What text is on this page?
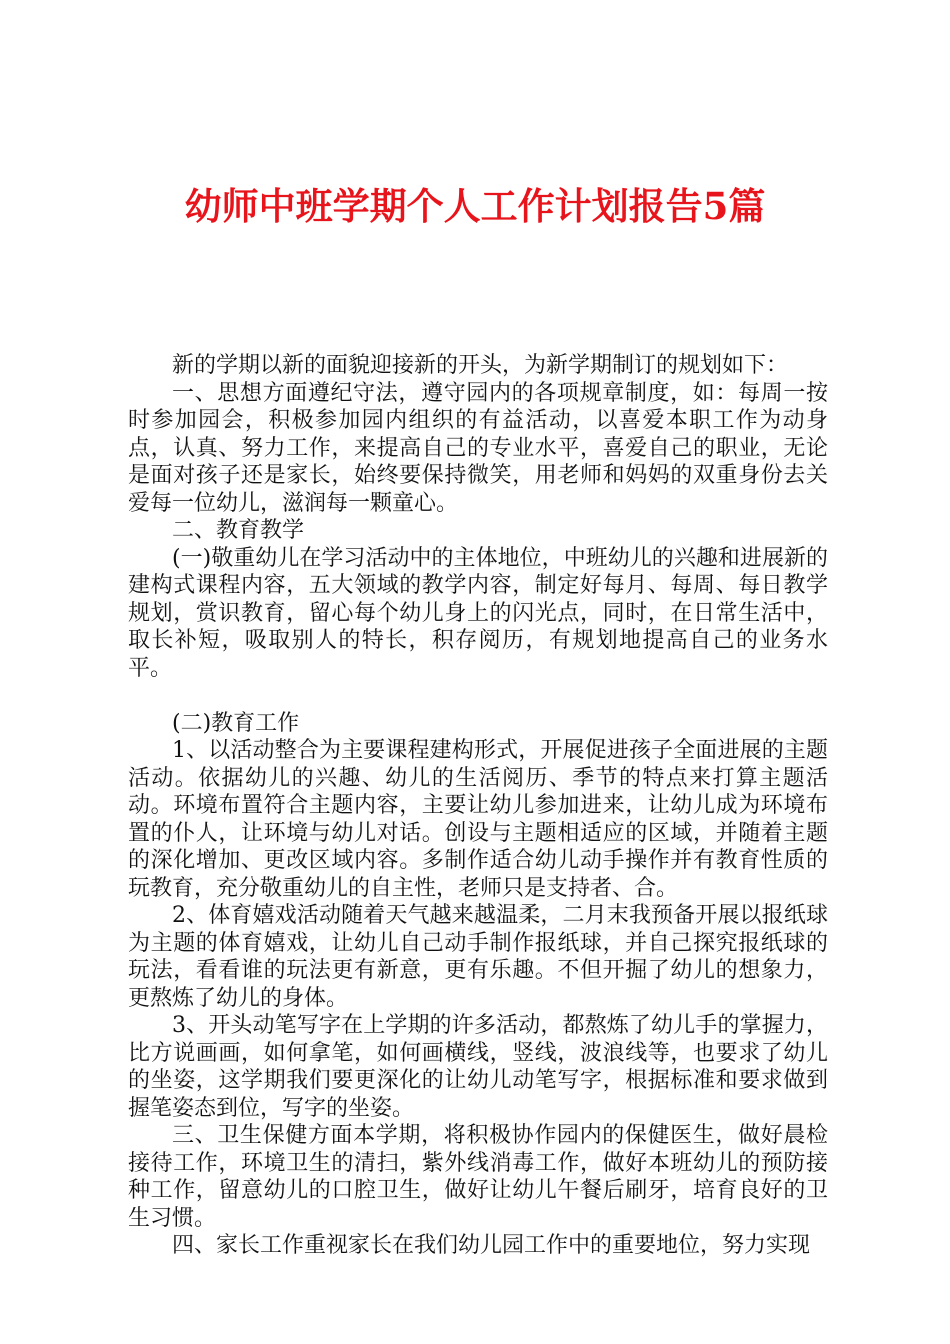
幼师中班学期个人工作计划报告5篇

新的学期以新的面貌迎接新的开头，为新学期制订的规划如下：

一、思想方面遵纪守法，遵守园内的各项规章制度，如：每周一按时参加园会，积极参加园内组织的有益活动，以喜爱本职工作为动身点，认真、努力工作，来提高自己的专业水平，喜爱自己的职业，无论是面对孩子还是家长，始终要保持微笑，用老师和妈妈的双重身份去关爱每一位幼儿，滋润每一颗童心。

二、教育教学

(一)敬重幼儿在学习活动中的主体地位，中班幼儿的兴趣和进展新的建构式课程内容，五大领域的教学内容，制定好每月、每周、每日教学规划，赏识教育，留心每个幼儿身上的闪光点，同时，在日常生活中，取长补短，吸取别人的特长，积存阅历，有规划地提高自己的业务水平。

(二)教育工作

1、以活动整合为主要课程建构形式，开展促进孩子全面进展的主题活动。依据幼儿的兴趣、幼儿的生活阅历、季节的特点来打算主题活动。环境布置符合主题内容，主要让幼儿参加进来，让幼儿成为环境布置的仆人，让环境与幼儿对话。创设与主题相适应的区域，并随着主题的深化增加、更改区域内容。多制作适合幼儿动手操作并有教育性质的玩教育，充分敬重幼儿的自主性，老师只是支持者、合。

2、体育嬉戏活动随着天气越来越温柔，二月末我预备开展以报纸球为主题的体育嬉戏，让幼儿自己动手制作报纸球，并自己探究报纸球的玩法，看看谁的玩法更有新意，更有乐趣。不但开掘了幼儿的想象力，更熬炼了幼儿的身体。

3、开头动笔写字在上学期的许多活动，都熬炼了幼儿手的掌握力，比方说画画，如何拿笔，如何画横线，竖线，波浪线等，也要求了幼儿的坐姿，这学期我们要更深化的让幼儿动笔写字，根据标准和要求做到握笔姿态到位，写字的坐姿。

三、卫生保健方面本学期，将积极协作园内的保健医生，做好晨检接待工作，环境卫生的清扫，紫外线消毒工作，做好本班幼儿的预防接种工作，留意幼儿的口腔卫生，做好让幼儿午餐后刷牙，培育良好的卫生习惯。

四、家长工作重视家长在我们幼儿园工作中的重要地位，努力实现
